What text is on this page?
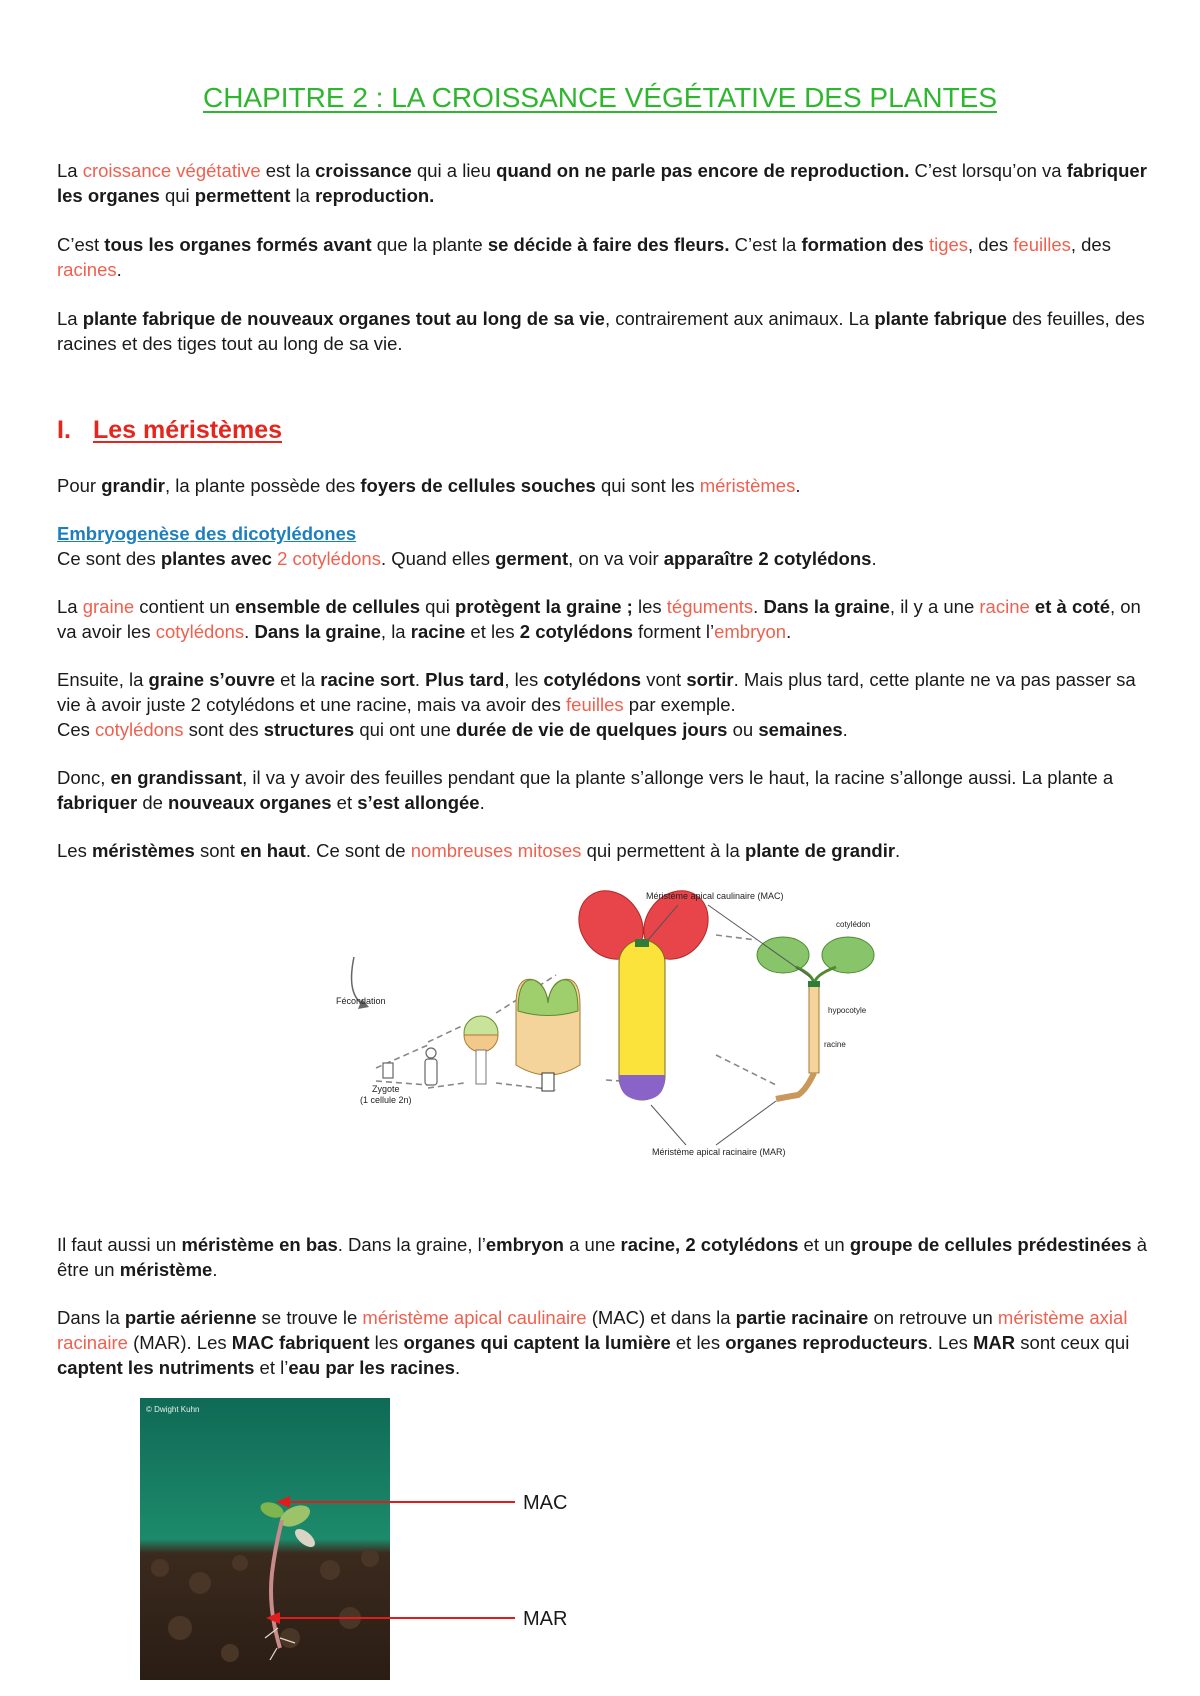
CHAPITRE 2 : LA CROISSANCE VÉGÉTATIVE DES PLANTES
La croissance végétative est la croissance qui a lieu quand on ne parle pas encore de reproduction. C’est lorsqu’on va fabriquer les organes qui permettent la reproduction.
C’est tous les organes formés avant que la plante se décide à faire des fleurs. C’est la formation des tiges, des feuilles, des racines.
La plante fabrique de nouveaux organes tout au long de sa vie, contrairement aux animaux. La plante fabrique des feuilles, des racines et des tiges tout au long de sa vie.
I. Les méristèmes
Pour grandir, la plante possède des foyers de cellules souches qui sont les méristèmes.
Embryogenèse des dicotylédones
Ce sont des plantes avec 2 cotylédons. Quand elles germent, on va voir apparaître 2 cotylédons.
La graine contient un ensemble de cellules qui protègent la graine ; les téguments. Dans la graine, il y a une racine et à coté, on va avoir les cotylédons. Dans la graine, la racine et les 2 cotylédons forment l’embryon.
Ensuite, la graine s’ouvre et la racine sort. Plus tard, les cotylédons vont sortir. Mais plus tard, cette plante ne va pas passer sa vie à avoir juste 2 cotylédons et une racine, mais va avoir des feuilles par exemple.
Ces cotylédons sont des structures qui ont une durée de vie de quelques jours ou semaines.
Donc, en grandissant, il va y avoir des feuilles pendant que la plante s’allonge vers le haut, la racine s’allonge aussi. La plante a fabriquer de nouveaux organes et s’est allongée.
Les méristèmes sont en haut. Ce sont de nombreuses mitoses qui permettent à la plante de grandir.
Fécondation
Zygote
(1 cellule 2n)
racine
hypocotyle
cotylédon
Méristème apical caulinaire (MAC)
Méristème apical racinaire (MAR)
Il faut aussi un méristème en bas. Dans la graine, l’embryon a une racine, 2 cotylédons et un groupe de cellules prédestinées à être un méristème.
Dans la partie aérienne se trouve le méristème apical caulinaire (MAC) et dans la partie racinaire on retrouve un méristème axial racinaire (MAR). Les MAC fabriquent les organes qui captent la lumière et les organes reproducteurs. Les MAR sont ceux qui captent les nutriments et l’eau par les racines.
© Dwight Kuhn
MAC
MAR
